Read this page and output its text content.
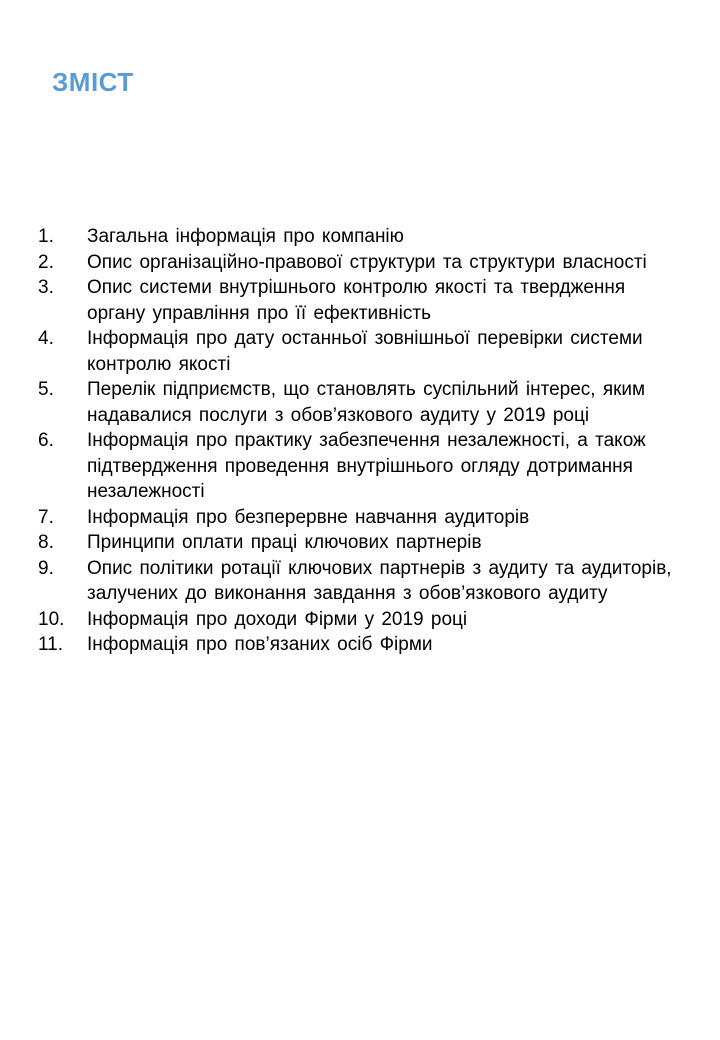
ЗМІСТ
1.	Загальна інформація про компанію
2.	Опис організаційно-правової структури та структури власності
3.	Опис системи внутрішнього контролю якості та твердження органу управління про її ефективність
4.	Інформація про дату останньої зовнішньої перевірки системи контролю якості
5.	Перелік підприємств, що становлять суспільний інтерес, яким надавалися послуги з обов’язкового аудиту у 2019 році
6.	Інформація про практику забезпечення незалежності, а також підтвердження проведення внутрішнього огляду дотримання незалежності
7.	Інформація про безперервне навчання аудиторів
8.	Принципи оплати праці ключових партнерів
9.	Опис політики ротації ключових партнерів з аудиту та аудиторів, залучених до виконання завдання з обов’язкового аудиту
10.	Інформація про доходи Фірми у 2019 році
11.	Інформація про пов’язаних осіб Фірми
